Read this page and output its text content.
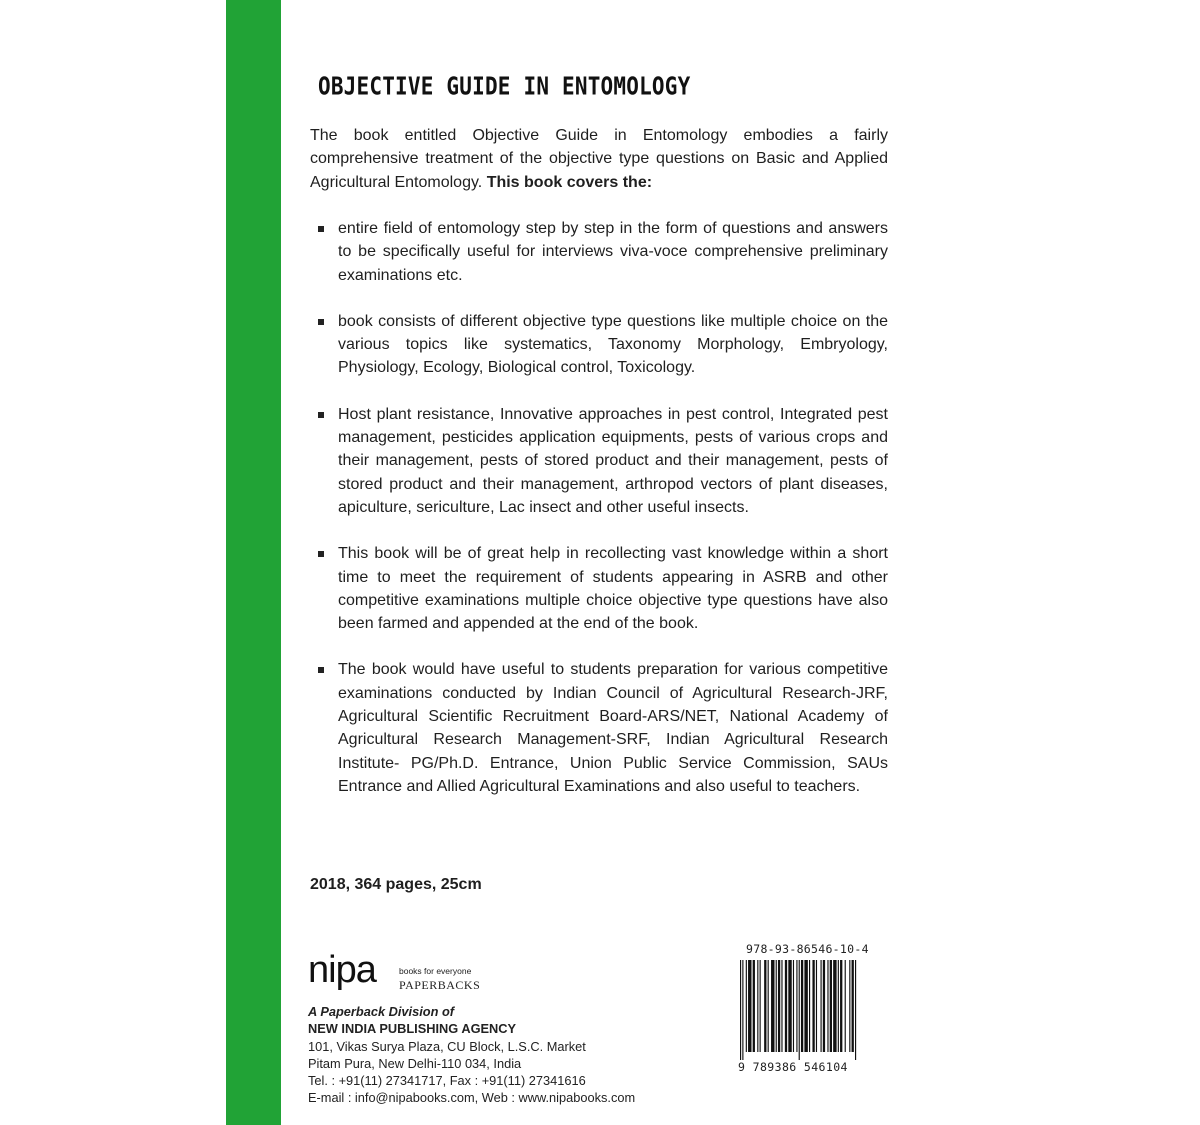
OBJECTIVE GUIDE IN ENTOMOLOGY

The book entitled Objective Guide in Entomology embodies a fairly comprehensive treatment of the objective type questions on Basic and Applied Agricultural Entomology. This book covers the:

entire field of entomology step by step in the form of questions and answers to be specifically useful for interviews viva-voce comprehensive preliminary examinations etc.
book consists of different objective type questions like multiple choice on the various topics like systematics, Taxonomy Morphology, Embryology, Physiology, Ecology, Biological control, Toxicology.
Host plant resistance, Innovative approaches in pest control, Integrated pest management, pesticides application equipments, pests of various crops and their management, pests of stored product and their management, pests of stored product and their management, arthropod vectors of plant diseases, apiculture, sericulture, Lac insect and other useful insects.
This book will be of great help in recollecting vast knowledge within a short time to meet the requirement of students appearing in ASRB and other competitive examinations multiple choice objective type questions have also been farmed and appended at the end of the book.
The book would have useful to students preparation for various competitive examinations conducted by Indian Council of Agricultural Research-JRF, Agricultural Scientific Recruitment Board-ARS/NET, National Academy of Agricultural Research Management-SRF, Indian Agricultural Research Institute- PG/Ph.D. Entrance, Union Public Service Commission, SAUs Entrance and Allied Agricultural Examinations and also useful to teachers.

2018, 364 pages, 25cm

nipa	books for everyone
PAPERBACKS
A Paperback Division of
NEW INDIA PUBLISHING AGENCY
101, Vikas Surya Plaza, CU Block, L.S.C. Market
Pitam Pura, New Delhi-110 034, India
Tel. : +91(11) 27341717, Fax : +91(11) 27341616
E-mail : info@nipabooks.com, Web : www.nipabooks.com
978-93-86546-10-4
9 789386 546104
